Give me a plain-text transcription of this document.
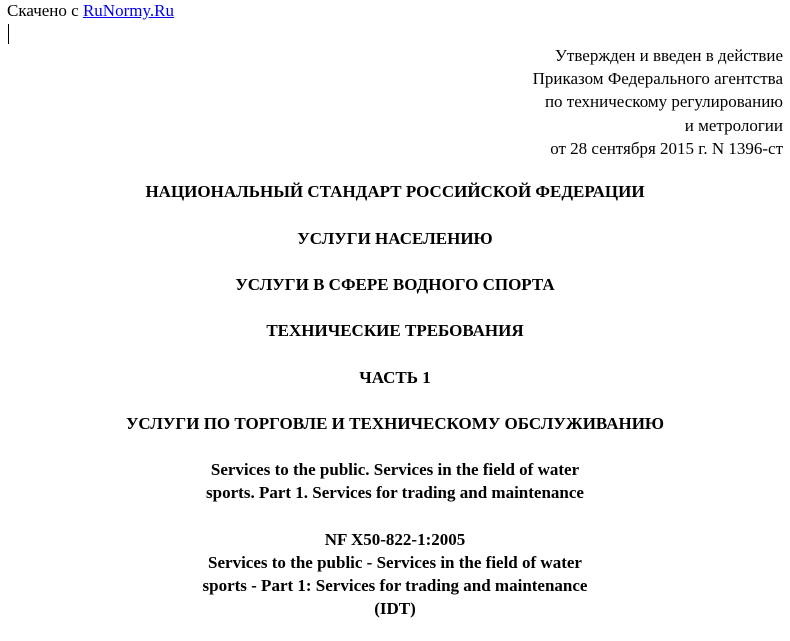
Скачено с RuNormy.Ru
Утвержден и введен в действие
Приказом Федерального агентства
по техническому регулированию
и метрологии
от 28 сентября 2015 г. N 1396-ст
НАЦИОНАЛЬНЫЙ СТАНДАРТ РОССИЙСКОЙ ФЕДЕРАЦИИ
УСЛУГИ НАСЕЛЕНИЮ
УСЛУГИ В СФЕРЕ ВОДНОГО СПОРТА
ТЕХНИЧЕСКИЕ ТРЕБОВАНИЯ
ЧАСТЬ 1
УСЛУГИ ПО ТОРГОВЛЕ И ТЕХНИЧЕСКОМУ ОБСЛУЖИВАНИЮ
Services to the public. Services in the field of water
sports. Part 1. Services for trading and maintenance
NF X50-822-1:2005
Services to the public - Services in the field of water
sports - Part 1: Services for trading and maintenance
(IDT)
